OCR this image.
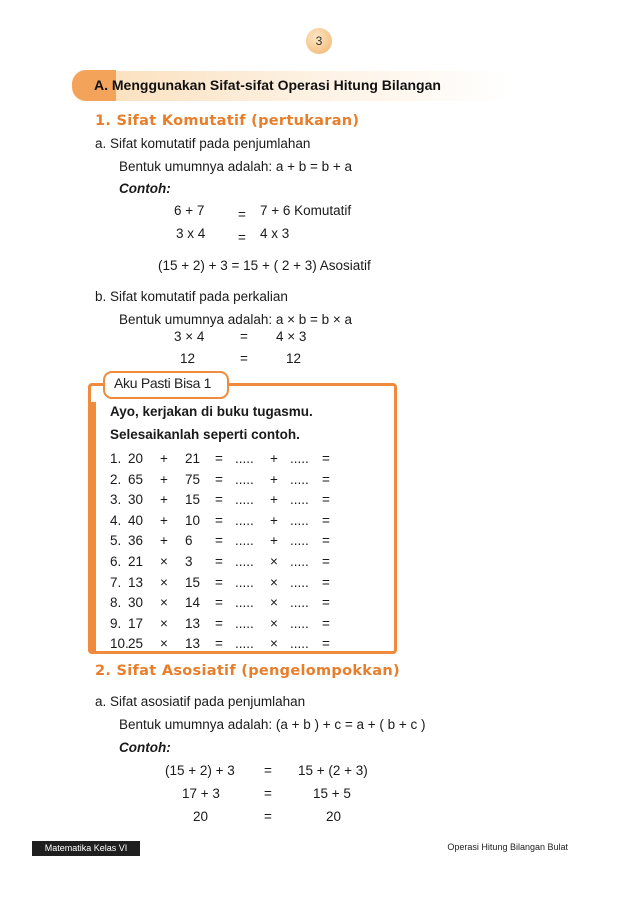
3
A. Menggunakan Sifat-sifat Operasi Hitung Bilangan
1. Sifat Komutatif (pertukaran)
a. Sifat komutatif pada penjumlahan
Bentuk umumnya adalah: a + b = b + a
Contoh:
6 + 7 = 7 + 6 Komutatif
3 x 4 = 4 x 3
(15 + 2) + 3 = 15 + ( 2 + 3) Asosiatif
b. Sifat komutatif pada perkalian
Bentuk umumnya adalah: a × b = b × a
3 × 4	= 4 × 3
12	=	12
Aku Pasti Bisa 1
Ayo, kerjakan di buku tugasmu.
Selesaikanlah seperti contoh.
1. 20 + 21 = ..... + ..... =
2. 65 + 75 = ..... + ..... =
3. 30 + 15 = ..... + ..... =
4. 40 + 10 = ..... + ..... =
5. 36 + 6 = ..... + ..... =
6. 21 × 3 = ..... × ..... =
7. 13 × 15 = ..... × ..... =
8. 30 × 14 = ..... × ..... =
9. 17 × 13 = ..... × ..... =
10. 25 × 13 = ..... × ..... =
2. Sifat Asosiatif (pengelompokkan)
a. Sifat asosiatif pada penjumlahan
Bentuk umumnya adalah: (a + b ) + c = a + ( b + c )
Contoh:
(15 + 2) + 3 = 15 + (2 + 3)
17 + 3	=	15 + 5
20	=	20
Matematika Kelas VI	Operasi Hitung Bilangan Bulat
